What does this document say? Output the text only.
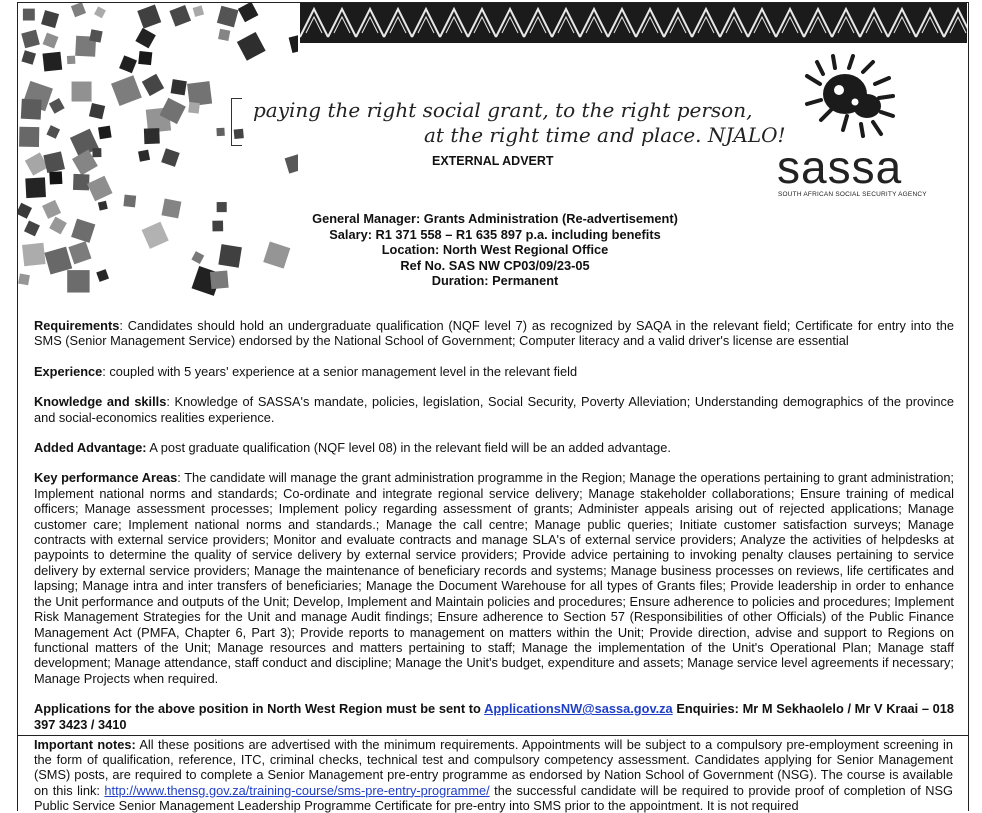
paying the right social grant, to the right person,
at the right time and place. NJALO!
EXTERNAL ADVERT	sassa
SOUTH AFRICAN SOCIAL SECURITY AGENCY
General Manager: Grants Administration (Re-advertisement)
Salary: R1 371 558 – R1 635 897 p.a. including benefits
Location: North West Regional Office
Ref No. SAS NW CP03/09/23-05
Duration: Permanent

Requirements: Candidates should hold an undergraduate qualification (NQF level 7) as recognized by SAQA in the relevant field; Certificate for entry into the SMS (Senior Management Service) endorsed by the National School of Government; Computer literacy and a valid driver's license are essential

Experience: coupled with 5 years' experience at a senior management level in the relevant field

Knowledge and skills: Knowledge of SASSA's mandate, policies, legislation, Social Security, Poverty Alleviation; Understanding demographics of the province and social-economics realities experience.

Added Advantage: A post graduate qualification (NQF level 08) in the relevant field will be an added advantage.

Key performance Areas: The candidate will manage the grant administration programme in the Region; Manage the operations pertaining to grant administration; Implement national norms and standards; Co-ordinate and integrate regional service delivery; Manage stakeholder collaborations; Ensure training of medical officers; Manage assessment processes; Implement policy regarding assessment of grants; Administer appeals arising out of rejected applications; Manage customer care; Implement national norms and standards.; Manage the call centre; Manage public queries; Initiate customer satisfaction surveys; Manage contracts with external service providers; Monitor and evaluate contracts and manage SLA's of external service providers; Analyze the activities of helpdesks at paypoints to determine the quality of service delivery by external service providers; Provide advice pertaining to invoking penalty clauses pertaining to service delivery by external service providers; Manage the maintenance of beneficiary records and systems; Manage business processes on reviews, life certificates and lapsing; Manage intra and inter transfers of beneficiaries; Manage the Document Warehouse for all types of Grants files; Provide leadership in order to enhance the Unit performance and outputs of the Unit; Develop, Implement and Maintain policies and procedures; Ensure adherence to policies and procedures; Implement Risk Management Strategies for the Unit and manage Audit findings; Ensure adherence to Section 57 (Responsibilities of other Officials) of the Public Finance Management Act (PMFA, Chapter 6, Part 3); Provide reports to management on matters within the Unit; Provide direction, advise and support to Regions on functional matters of the Unit; Manage resources and matters pertaining to staff; Manage the implementation of the Unit's Operational Plan; Manage staff development; Manage attendance, staff conduct and discipline; Manage the Unit's budget, expenditure and assets; Manage service level agreements if necessary; Manage Projects when required.

Applications for the above position in North West Region must be sent to ApplicationsNW@sassa.gov.za Enquiries: Mr M Sekhaolelo / Mr V Kraai – 018 397 3423 / 3410

Important notes: All these positions are advertised with the minimum requirements. Appointments will be subject to a compulsory pre-employment screening in the form of qualification, reference, ITC, criminal checks, technical test and compulsory competency assessment. Candidates applying for Senior Management (SMS) posts, are required to complete a Senior Management pre-entry programme as endorsed by Nation School of Government (NSG). The course is available on this link: http://www.thensg.gov.za/training-course/sms-pre-entry-programme/ the successful candidate will be required to provide proof of completion of NSG Public Service Senior Management Leadership Programme Certificate for pre-entry into SMS prior to the appointment. It is not required
